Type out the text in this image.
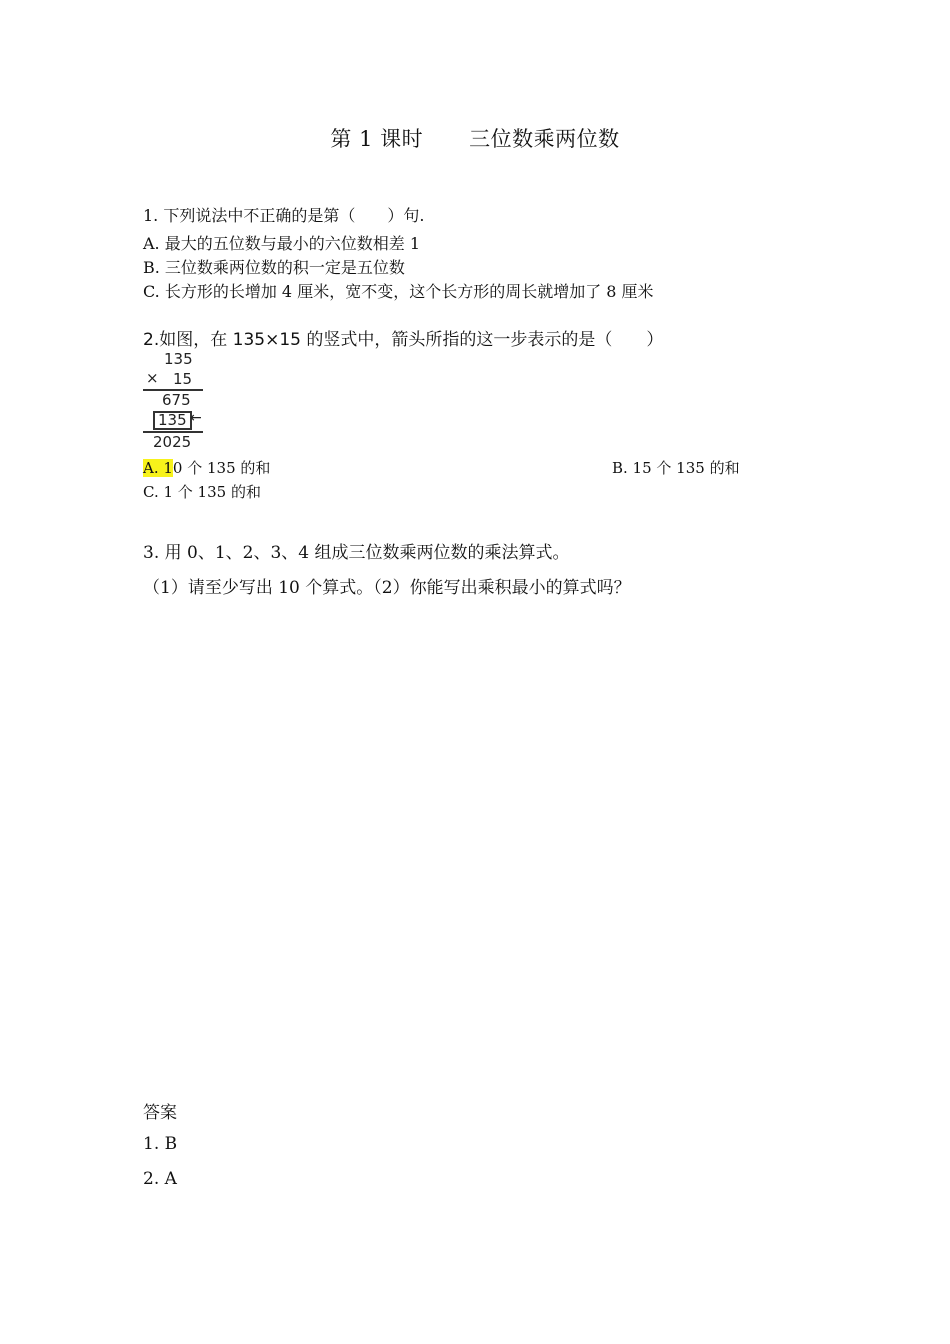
第 1 课时 三位数乘两位数
1. 下列说法中不正确的是第（　　）句.
A. 最大的五位数与最小的六位数相差 1
B. 三位数乘两位数的积一定是五位数
C. 长方形的长增加 4 厘米，宽不变，这个长方形的周长就增加了 8 厘米
2.如图，在 135×15 的竖式中，箭头所指的这一步表示的是（　　）
135
× 15
675
135 ←
2025
A. 10 个 135 的和	B. 15 个 135 的和
C. 1 个 135 的和
3. 用 0、1、2、3、4 组成三位数乘两位数的乘法算式。
（1）请至少写出 10 个算式。（2）你能写出乘积最小的算式吗？
答案
1. B
2. A
